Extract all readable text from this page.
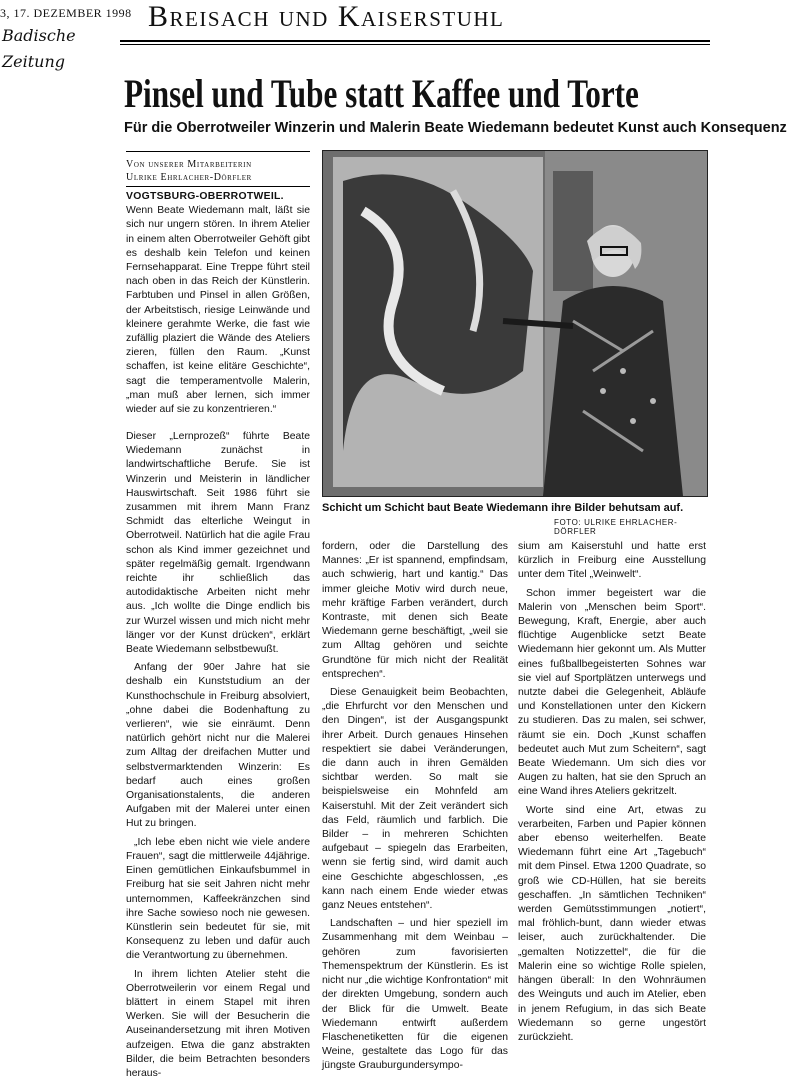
3, 17. DEZEMBER 1998
Badische
Zeitung
Breisach und Kaiserstuhl
Pinsel und Tube statt Kaffee und Torte
Für die Oberrotweiler Winzerin und Malerin Beate Wiedemann bedeutet Kunst auch Konsequenz
Von unserer Mitarbeiterin
Ulrike Ehrlacher-Dörfler

VOGTSBURG-OBERROTWEIL. Wenn Beate Wiedemann malt, läßt sie sich nur ungern stören. In ihrem Atelier in einem alten Oberrotweiler Gehöft gibt es deshalb kein Telefon und keinen Fernsehapparat. Eine Treppe führt steil nach oben in das Reich der Künstlerin. Farbtuben und Pinsel in allen Größen, der Arbeitstisch, riesige Leinwände und kleinere gerahmte Werke, die fast wie zufällig plaziert die Wände des Ateliers zieren, füllen den Raum. „Kunst schaffen, ist keine elitäre Geschichte“, sagt die temperamentvolle Malerin, „man muß aber lernen, sich immer wieder auf sie zu konzentrieren.“

Schicht um Schicht baut Beate Wiedemann ihre Bilder behutsam auf.
FOTO: ULRIKE EHRLACHER-DÖRFLER

Dieser „Lernprozeß“ führte Beate Wiedemann zunächst in landwirtschaftliche Berufe. Sie ist Winzerin und Meisterin in ländlicher Hauswirtschaft. Seit 1986 führt sie zusammen mit ihrem Mann Franz Schmidt das elterliche Weingut in Oberrotweil. Natürlich hat die agile Frau schon als Kind immer gezeichnet und später regelmäßig gemalt. Irgendwann reichte ihr schließlich das autodidaktische Arbeiten nicht mehr aus. „Ich wollte die Dinge endlich bis zur Wurzel wissen und mich nicht mehr länger vor der Kunst drücken“, erklärt Beate Wiedemann selbstbewußt.

Anfang der 90er Jahre hat sie deshalb ein Kunststudium an der Kunsthochschule in Freiburg absolviert, „ohne dabei die Bodenhaftung zu verlieren“, wie sie einräumt. Denn natürlich gehört nicht nur die Malerei zum Alltag der dreifachen Mutter und selbstvermarktenden Winzerin: Es bedarf auch eines großen Organisationstalents, die anderen Aufgaben mit der Malerei unter einen Hut zu bringen.

„Ich lebe eben nicht wie viele andere Frauen“, sagt die mittlerweile 44jährige. Einen gemütlichen Einkaufsbummel in Freiburg hat sie seit Jahren nicht mehr unternommen, Kaffeekränzchen sind ihre Sache sowieso noch nie gewesen. Künstlerin sein bedeutet für sie, mit Konsequenz zu leben und dafür auch die Verantwortung zu übernehmen.

In ihrem lichten Atelier steht die Oberrotweilerin vor einem Regal und blättert in einem Stapel mit ihren Werken. Sie will der Besucherin die Auseinandersetzung mit ihren Motiven aufzeigen. Etwa die ganz abstrakten Bilder, die beim Betrachten besonders heraus-

fordern, oder die Darstellung des Mannes: „Er ist spannend, empfindsam, auch schwierig, hart und kantig.“ Das immer gleiche Motiv wird durch neue, mehr kräftige Farben verändert, durch Kontraste, mit denen sich Beate Wiedemann gerne beschäftigt, „weil sie zum Alltag gehören und seichte Grundtöne für mich nicht der Realität entsprechen“.

Diese Genauigkeit beim Beobachten, „die Ehrfurcht vor den Menschen und den Dingen“, ist der Ausgangspunkt ihrer Arbeit. Durch genaues Hinsehen respektiert sie dabei Veränderungen, die dann auch in ihren Gemälden sichtbar werden. So malt sie beispielsweise ein Mohnfeld am Kaiserstuhl. Mit der Zeit verändert sich das Feld, räumlich und farblich. Die Bilder – in mehreren Schichten aufgebaut – spiegeln das Erarbeiten, wenn sie fertig sind, wird damit auch eine Geschichte abgeschlossen, „es kann nach einem Ende wieder etwas ganz Neues entstehen“.

Landschaften – und hier speziell im Zusammenhang mit dem Weinbau – gehören zum favorisierten Themenspektrum der Künstlerin. Es ist nicht nur „die wichtige Konfrontation“ mit der direkten Umgebung, sondern auch der Blick für die Umwelt. Beate Wiedemann entwirft außerdem Flaschenetiketten für die eigenen Weine, gestaltete das Logo für das jüngste Grauburgundersympo-

sium am Kaiserstuhl und hatte erst kürzlich in Freiburg eine Ausstellung unter dem Titel „Weinwelt“.

Schon immer begeistert war die Malerin von „Menschen beim Sport“. Bewegung, Kraft, Energie, aber auch flüchtige Augenblicke setzt Beate Wiedemann hier gekonnt um. Als Mutter eines fußballbegeisterten Sohnes war sie viel auf Sportplätzen unterwegs und nutzte dabei die Gelegenheit, Abläufe und Konstellationen unter den Kickern zu studieren. Das zu malen, sei schwer, räumt sie ein. Doch „Kunst schaffen bedeutet auch Mut zum Scheitern“, sagt Beate Wiedemann. Um sich dies vor Augen zu halten, hat sie den Spruch an eine Wand ihres Ateliers gekritzelt.

Worte sind eine Art, etwas zu verarbeiten, Farben und Papier können aber ebenso weiterhelfen. Beate Wiedemann führt eine Art „Tagebuch“ mit dem Pinsel. Etwa 1200 Quadrate, so groß wie CD-Hüllen, hat sie bereits geschaffen. „In sämtlichen Techniken“ werden Gemütsstimmungen „notiert“, mal fröhlich-bunt, dann wieder etwas leiser, auch zurückhaltender. Die „gemalten Notizzettel“, die für die Malerin eine so wichtige Rolle spielen, hängen überall: In den Wohnräumen des Weinguts und auch im Atelier, eben in jenem Refugium, in das sich Beate Wiedemann so gerne ungestört zurückzieht.
